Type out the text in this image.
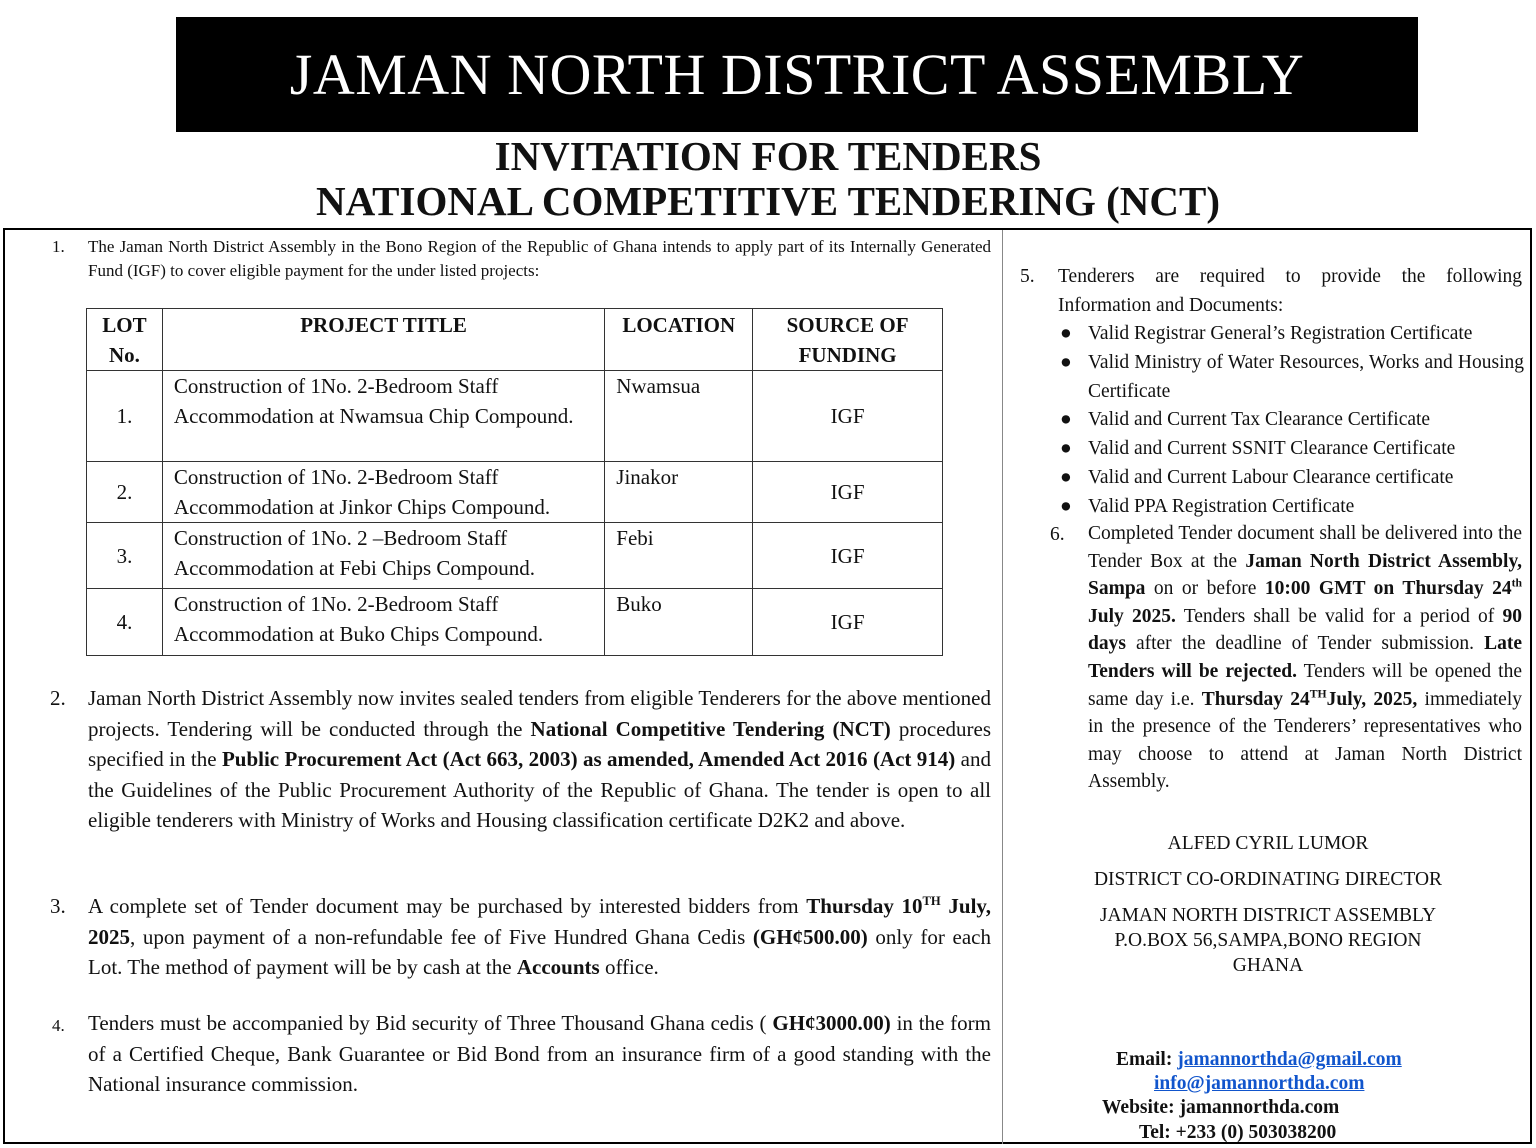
JAMAN NORTH DISTRICT ASSEMBLY
INVITATION FOR TENDERS
NATIONAL COMPETITIVE TENDERING (NCT)
1. The Jaman North District Assembly in the Bono Region of the Republic of Ghana intends to apply part of its Internally Generated Fund (IGF) to cover eligible payment for the under listed projects:
LOT No.	PROJECT TITLE	LOCATION	SOURCE OF FUNDING
1.	Construction of 1No. 2-Bedroom Staff Accommodation at Nwamsua Chip Compound.	Nwamsua	IGF
2.	Construction of 1No. 2-Bedroom Staff Accommodation at Jinkor Chips Compound.	Jinakor	IGF
3.	Construction of 1No. 2 –Bedroom Staff Accommodation at Febi Chips Compound.	Febi	IGF
4.	Construction of 1No. 2-Bedroom Staff Accommodation at Buko Chips Compound.	Buko	IGF
2. Jaman North District Assembly now invites sealed tenders from eligible Tenderers for the above mentioned projects. Tendering will be conducted through the National Competitive Tendering (NCT) procedures specified in the Public Procurement Act (Act 663, 2003) as amended, Amended Act 2016 (Act 914) and the Guidelines of the Public Procurement Authority of the Republic of Ghana. The tender is open to all eligible tenderers with Ministry of Works and Housing classification certificate D2K2 and above.
3. A complete set of Tender document may be purchased by interested bidders from Thursday 10TH July, 2025, upon payment of a non-refundable fee of Five Hundred Ghana Cedis (GH¢500.00) only for each Lot. The method of payment will be by cash at the Accounts office.
4. Tenders must be accompanied by Bid security of Three Thousand Ghana cedis ( GH¢3000.00) in the form of a Certified Cheque, Bank Guarantee or Bid Bond from an insurance firm of a good standing with the National insurance commission.
5. Tenderers are required to provide the following Information and Documents:
● Valid Registrar General’s Registration Certificate
● Valid Ministry of Water Resources, Works and Housing Certificate
● Valid and Current Tax Clearance Certificate
● Valid and Current SSNIT Clearance Certificate
● Valid and Current Labour Clearance certificate
● Valid PPA Registration Certificate
6. Completed Tender document shall be delivered into the Tender Box at the Jaman North District Assembly, Sampa on or before 10:00 GMT on Thursday 24th July 2025. Tenders shall be valid for a period of 90 days after the deadline of Tender submission. Late Tenders will be rejected. Tenders will be opened the same day i.e. Thursday 24THJuly, 2025, immediately in the presence of the Tenderers’ representatives who may choose to attend at Jaman North District Assembly.
ALFED CYRIL LUMOR
DISTRICT CO-ORDINATING DIRECTOR
JAMAN NORTH DISTRICT ASSEMBLY
P.O.BOX 56,SAMPA,BONO REGION
GHANA
Email: jamannorthda@gmail.com
info@jamannorthda.com
Website: jamannorthda.com
Tel: +233 (0) 503038200
